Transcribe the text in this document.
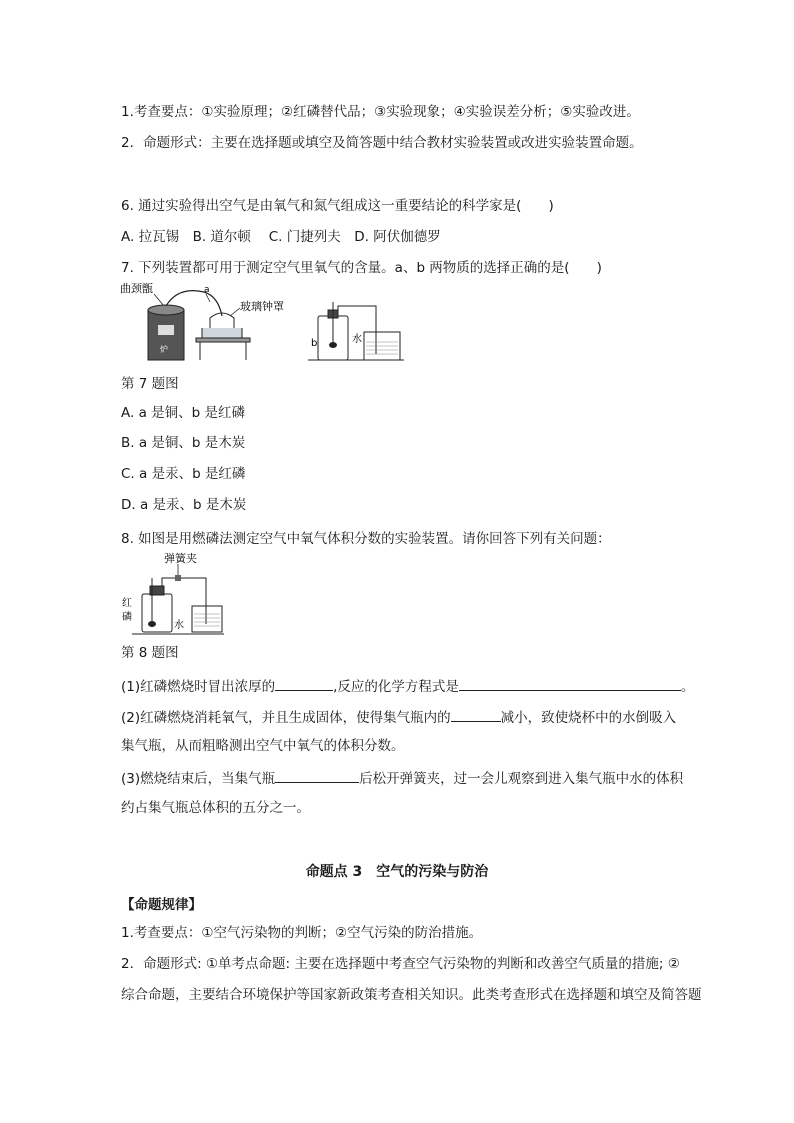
1.考查要点：①实验原理；②红磷替代品；③实验现象；④实验误差分析；⑤实验改进。
2．命题形式：主要在选择题或填空及简答题中结合教材实验装置或改进实验装置命题。
6. 通过实验得出空气是由氧气和氮气组成这一重要结论的科学家是(　　)
A. 拉瓦锡　B. 道尔顿　 C. 门捷列夫　D. 阿伏伽德罗
7. 下列装置都可用于测定空气里氧气的含量。a、b 两物质的选择正确的是(　　)
曲颈甑
炉
a
玻璃钟罩
b	水
第 7 题图
A. a 是铜、b 是红磷
B. a 是铜、b 是木炭
C. a 是汞、b 是红磷
D. a 是汞、b 是木炭
8. 如图是用燃磷法测定空气中氧气体积分数的实验装置。请你回答下列有关问题：
弹簧夹
红
磷
水
第 8 题图
(1)红磷燃烧时冒出浓厚的	,反应的化学方程式是	。
(2)红磷燃烧消耗氧气，并且生成固体，使得集气瓶内的	减小，致使烧杯中的水倒吸入
集气瓶，从而粗略测出空气中氧气的体积分数。
(3)燃烧结束后，当集气瓶	后松开弹簧夹，过一会儿观察到进入集气瓶中水的体积
约占集气瓶总体积的五分之一。
命题点 3　空气的污染与防治
【命题规律】
1.考查要点：①空气污染物的判断；②空气污染的防治措施。
2．命题形式: ①单考点命题: 主要在选择题中考查空气污染物的判断和改善空气质量的措施; ②
综合命题，主要结合环境保护等国家新政策考查相关知识。此类考查形式在选择题和填空及简答题
